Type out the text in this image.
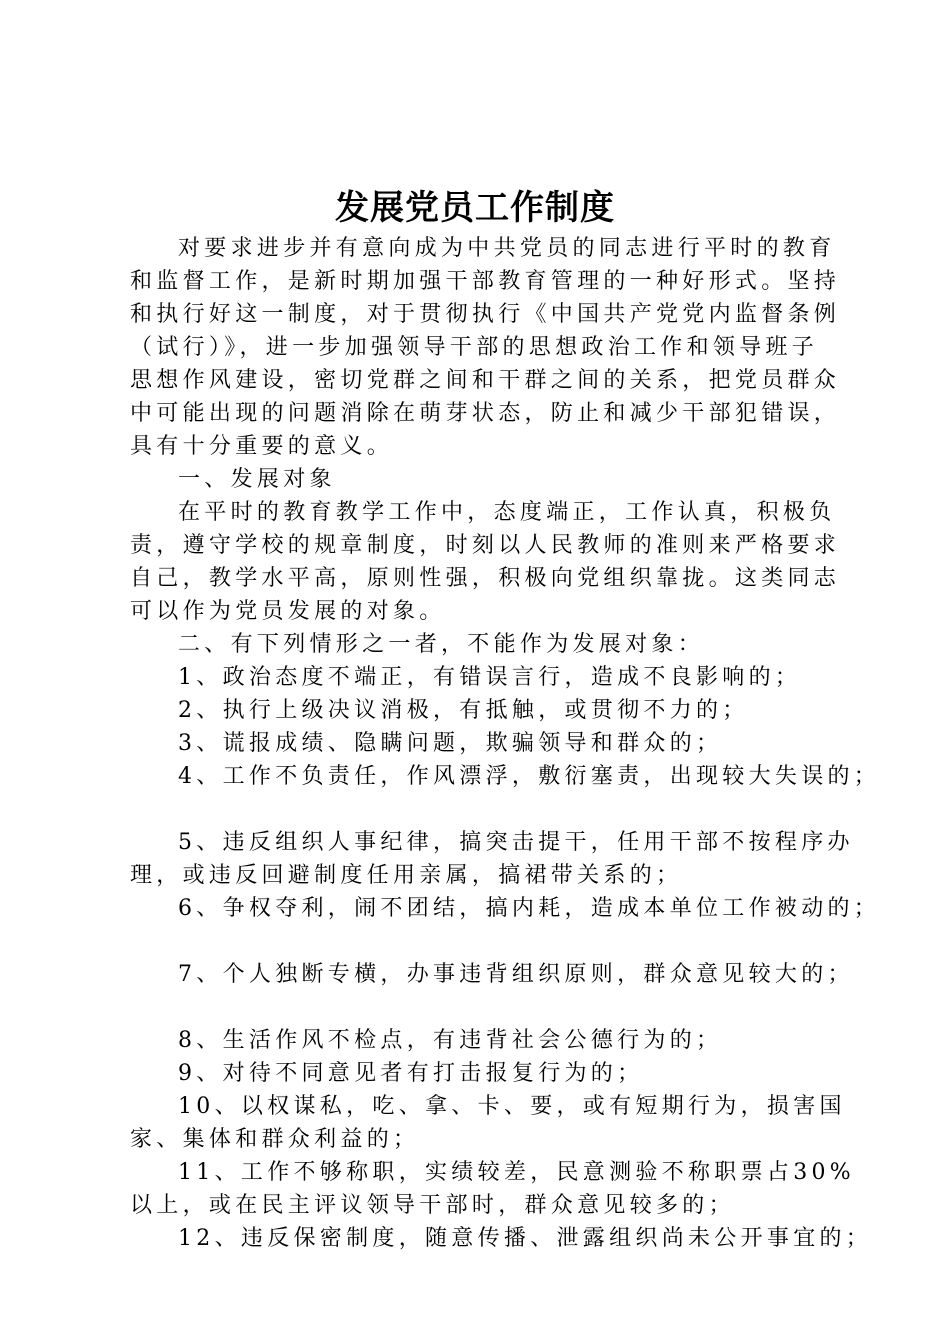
发展党员工作制度
对要求进步并有意向成为中共党员的同志进行平时的教育
和监督工作，是新时期加强干部教育管理的一种好形式。坚持
和执行好这一制度，对于贯彻执行《中国共产党党内监督条例
（试行）》，进一步加强领导干部的思想政治工作和领导班子
思想作风建设，密切党群之间和干群之间的关系，把党员群众
中可能出现的问题消除在萌芽状态，防止和减少干部犯错误，
具有十分重要的意义。
一、发展对象
在平时的教育教学工作中，态度端正，工作认真，积极负
责，遵守学校的规章制度，时刻以人民教师的准则来严格要求
自己，教学水平高，原则性强，积极向党组织靠拢。这类同志
可以作为党员发展的对象。
二、有下列情形之一者，不能作为发展对象：
1、政治态度不端正，有错误言行，造成不良影响的；
2、执行上级决议消极，有抵触，或贯彻不力的；
3、谎报成绩、隐瞒问题，欺骗领导和群众的；
4、工作不负责任，作风漂浮，敷衍塞责，出现较大失误的；
5、违反组织人事纪律，搞突击提干，任用干部不按程序办
理，或违反回避制度任用亲属，搞裙带关系的；
6、争权夺利，闹不团结，搞内耗，造成本单位工作被动的；
7、个人独断专横，办事违背组织原则，群众意见较大的；
8、生活作风不检点，有违背社会公德行为的；
9、对待不同意见者有打击报复行为的；
10、以权谋私，吃、拿、卡、要，或有短期行为，损害国
家、集体和群众利益的；
11、工作不够称职，实绩较差，民意测验不称职票占30%
以上，或在民主评议领导干部时，群众意见较多的；
12、违反保密制度，随意传播、泄露组织尚未公开事宜的；
